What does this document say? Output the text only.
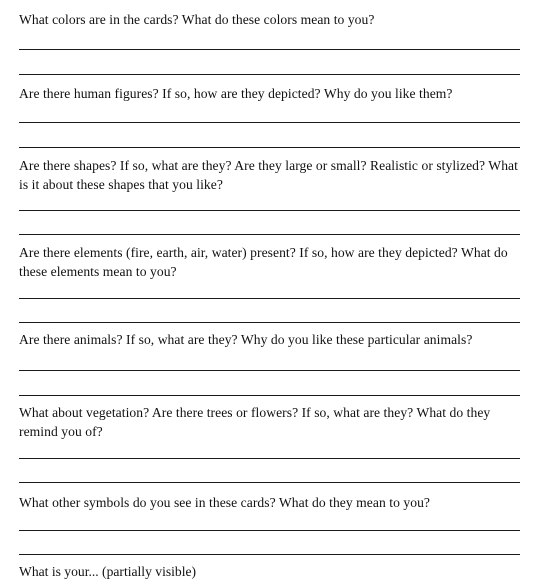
What colors are in the cards? What do these colors mean to you?

Are there human figures? If so, how are they depicted? Why do you like them?

Are there shapes? If so, what are they? Are they large or small? Realistic or stylized? What is it about these shapes that you like?

Are there elements (fire, earth, air, water) present? If so, how are they depicted? What do these elements mean to you?

Are there animals? If so, what are they? Why do you like these particular animals?

What about vegetation? Are there trees or flowers? If so, what are they? What do they remind you of?

What other symbols do you see in these cards? What do they mean to you?

What is your... (partially visible)
